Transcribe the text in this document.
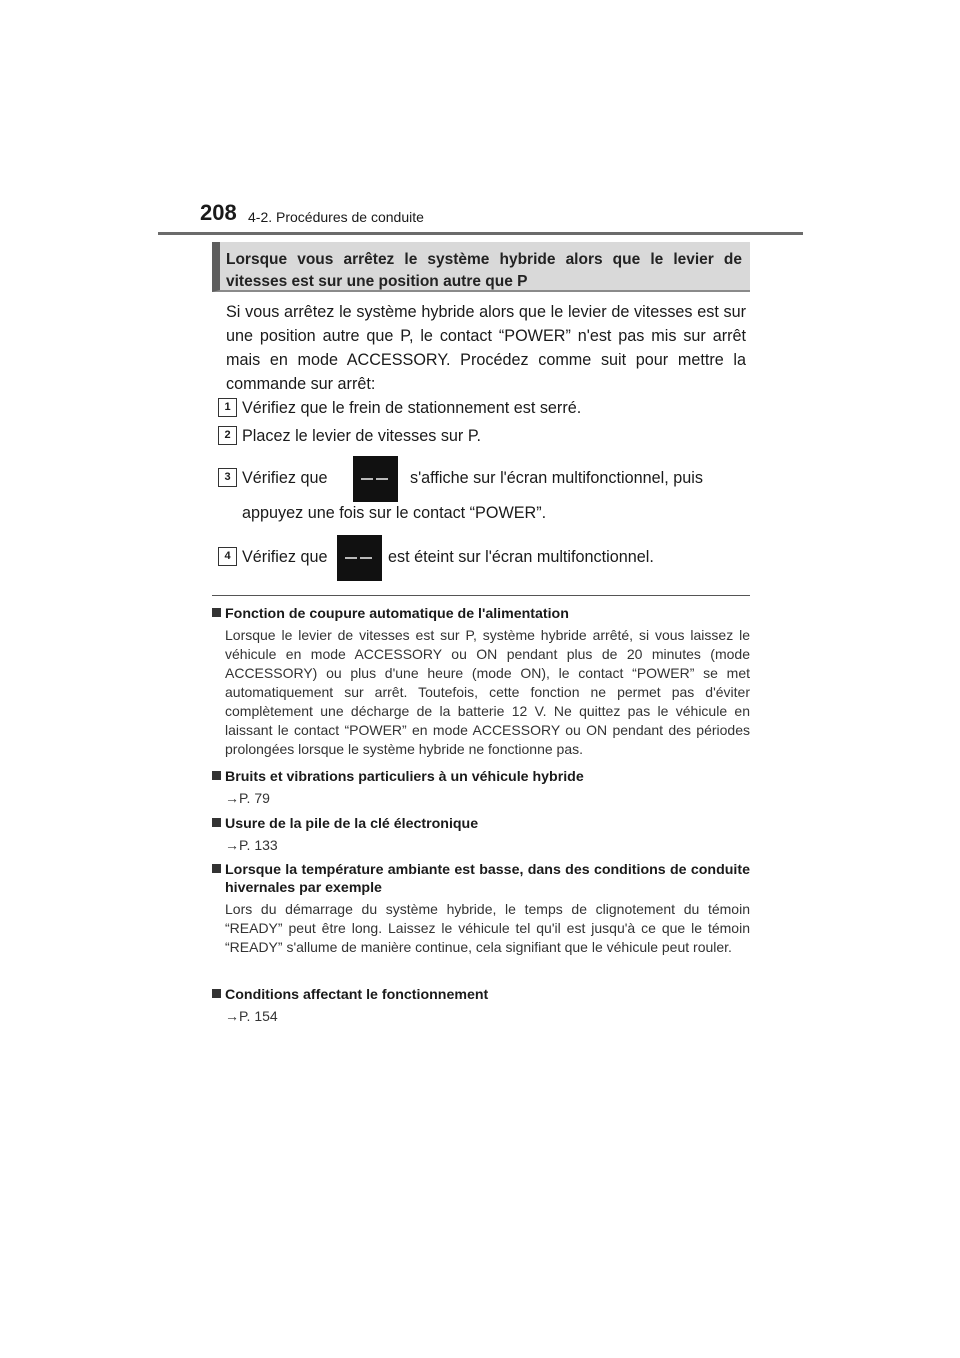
208 4-2. Procédures de conduite
Lorsque vous arrêtez le système hybride alors que le levier de vitesses est sur une position autre que P
Si vous arrêtez le système hybride alors que le levier de vitesses est sur une position autre que P, le contact “POWER” n'est pas mis sur arrêt mais en mode ACCESSORY. Procédez comme suit pour mettre la commande sur arrêt:
1 Vérifiez que le frein de stationnement est serré.
2 Placez le levier de vitesses sur P.
3 Vérifiez que	s'affiche sur l'écran multifonctionnel, puis
appuyez une fois sur le contact “POWER”.
4 Vérifiez que	est éteint sur l'écran multifonctionnel.
Fonction de coupure automatique de l'alimentation
Lorsque le levier de vitesses est sur P, système hybride arrêté, si vous laissez le véhicule en mode ACCESSORY ou ON pendant plus de 20 minutes (mode ACCESSORY) ou plus d'une heure (mode ON), le contact “POWER” se met automatiquement sur arrêt. Toutefois, cette fonction ne permet pas d'éviter complètement une décharge de la batterie 12 V. Ne quittez pas le véhicule en laissant le contact “POWER” en mode ACCESSORY ou ON pendant des périodes prolongées lorsque le système hybride ne fonctionne pas.
Bruits et vibrations particuliers à un véhicule hybride
→P. 79
Usure de la pile de la clé électronique
→P. 133
Lorsque la température ambiante est basse, dans des conditions de conduite hivernales par exemple
Lors du démarrage du système hybride, le temps de clignotement du témoin “READY” peut être long. Laissez le véhicule tel qu'il est jusqu'à ce que le témoin “READY” s'allume de manière continue, cela signifiant que le véhicule peut rouler.
Conditions affectant le fonctionnement
→P. 154
